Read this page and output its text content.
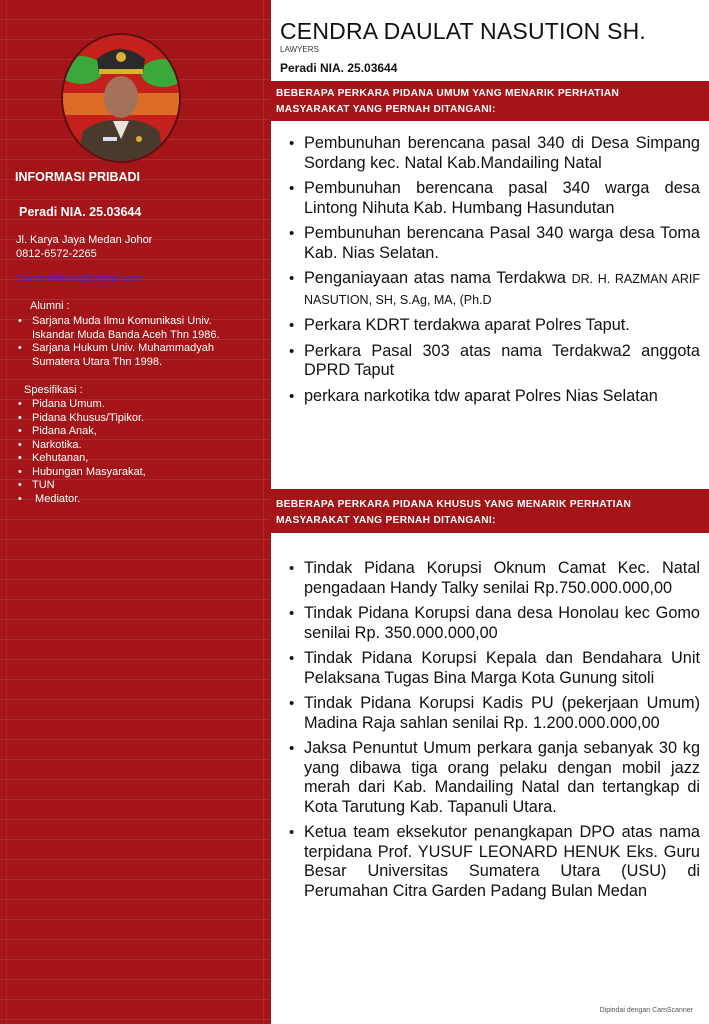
INFORMASI PRIBADI
Peradi NIA. 25.03644
Jl. Karya Jaya Medan Johor
0812-6572-2265
Cendradaulat@gmail.com
Alumni :
• Sarjana Muda Ilmu Komunikasi Univ. Iskandar Muda Banda Aceh Thn 1986.
• Sarjana Hukum Univ. Muhammadyah Sumatera Utara Thn 1998.
Spesifikasi :
• Pidana Umum.
• Pidana Khusus/Tipikor.
• Pidana Anak,
• Narkotika.
• Kehutanan,
• Hubungan Masyarakat,
• TUN
•  Mediator.
CENDRA DAULAT NASUTION SH.
LAWYERS
Peradi NIA. 25.03644
BEBERAPA PERKARA PIDANA UMUM YANG MENARIK PERHATIAN
MASYARAKAT YANG PERNAH DITANGANI:
• Pembunuhan berencana pasal 340 di Desa Simpang Sordang kec. Natal Kab.Mandailing Natal
• Pembunuhan berencana pasal 340 warga desa Lintong Nihuta Kab. Humbang Hasundutan
• Pembunuhan berencana Pasal 340 warga desa Toma Kab. Nias Selatan.
• Penganiayaan atas nama Terdakwa DR. H. RAZMAN ARIF NASUTION, SH, S.Ag, MA, (Ph.D
• Perkara KDRT terdakwa aparat Polres Taput.
• Perkara Pasal 303 atas nama Terdakwa2 anggota DPRD Taput
• perkara narkotika tdw aparat Polres Nias Selatan
BEBERAPA PERKARA PIDANA KHUSUS YANG MENARIK PERHATIAN
MASYARAKAT YANG PERNAH DITANGANI:
• Tindak Pidana Korupsi Oknum Camat Kec. Natal pengadaan Handy Talky senilai Rp.750.000.000,00
• Tindak Pidana Korupsi dana desa Honolau kec Gomo senilai Rp. 350.000.000,00
• Tindak Pidana Korupsi Kepala dan Bendahara Unit Pelaksana Tugas Bina Marga Kota Gunung sitoli
• Tindak Pidana Korupsi Kadis PU (pekerjaan Umum) Madina Raja sahlan senilai Rp. 1.200.000.000,00
• Jaksa Penuntut Umum perkara ganja sebanyak 30 kg yang dibawa tiga orang pelaku dengan mobil jazz merah dari Kab. Mandailing Natal dan tertangkap di Kota Tarutung Kab. Tapanuli Utara.
• Ketua team eksekutor penangkapan DPO atas nama terpidana Prof. YUSUF LEONARD HENUK Eks. Guru Besar Universitas Sumatera Utara (USU) di Perumahan Citra Garden Padang Bulan Medan
Dipindai dengan CamScanner
